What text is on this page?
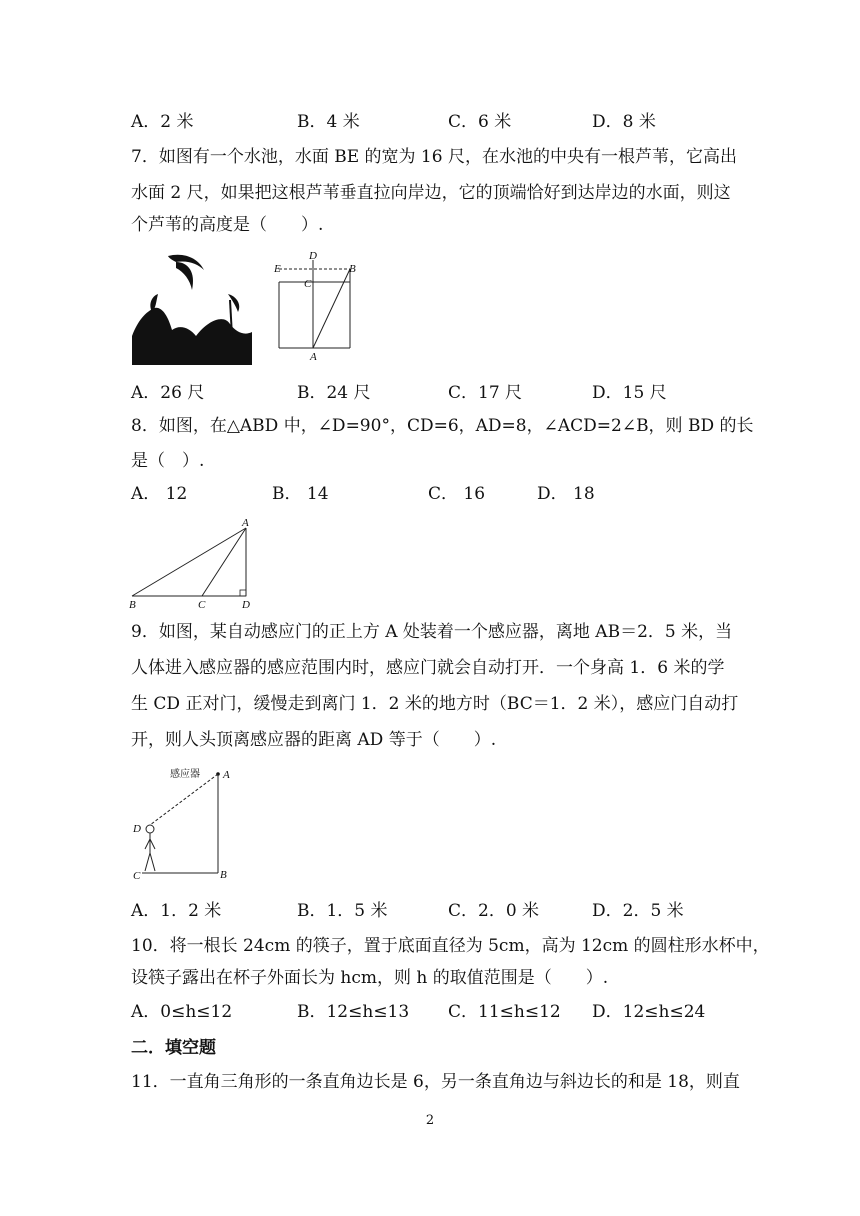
A．2 米	B．4 米	C．6 米	D．8 米
7．如图有一个水池，水面 BE 的宽为 16 尺，在水池的中央有一根芦苇，它高出
水面 2 尺，如果把这根芦苇垂直拉向岸边，它的顶端恰好到达岸边的水面，则这
个芦苇的高度是（　　）.
E
D
B
C
A
A．26 尺	B．24 尺	C．17 尺	D．15 尺
8．如图，在△ABD 中，∠D=90°，CD=6，AD=8，∠ACD=2∠B，则 BD 的长
是（　）.
A． 12	B． 14	C． 16	D． 18
A
B	C	D
9．如图，某自动感应门的正上方 A 处装着一个感应器，离地 AB＝2．5 米，当
人体进入感应器的感应范围内时，感应门就会自动打开．一个身高 1．6 米的学
生 CD 正对门，缓慢走到离门 1．2 米的地方时（BC＝1．2 米），感应门自动打
开，则人头顶离感应器的距离 AD 等于（　　）.
感应器 A
D
C	B
A．1．2 米	B．1．5 米	C．2．0 米	D．2．5 米
10．将一根长 24cm 的筷子，置于底面直径为 5cm，高为 12cm 的圆柱形水杯中，
设筷子露出在杯子外面长为 hcm，则 h 的取值范围是（　　）.
A．0≤h≤12	B．12≤h≤13 C．11≤h≤12 D．12≤h≤24
二．填空题
11．一直角三角形的一条直角边长是 6，另一条直角边与斜边长的和是 18，则直
2
